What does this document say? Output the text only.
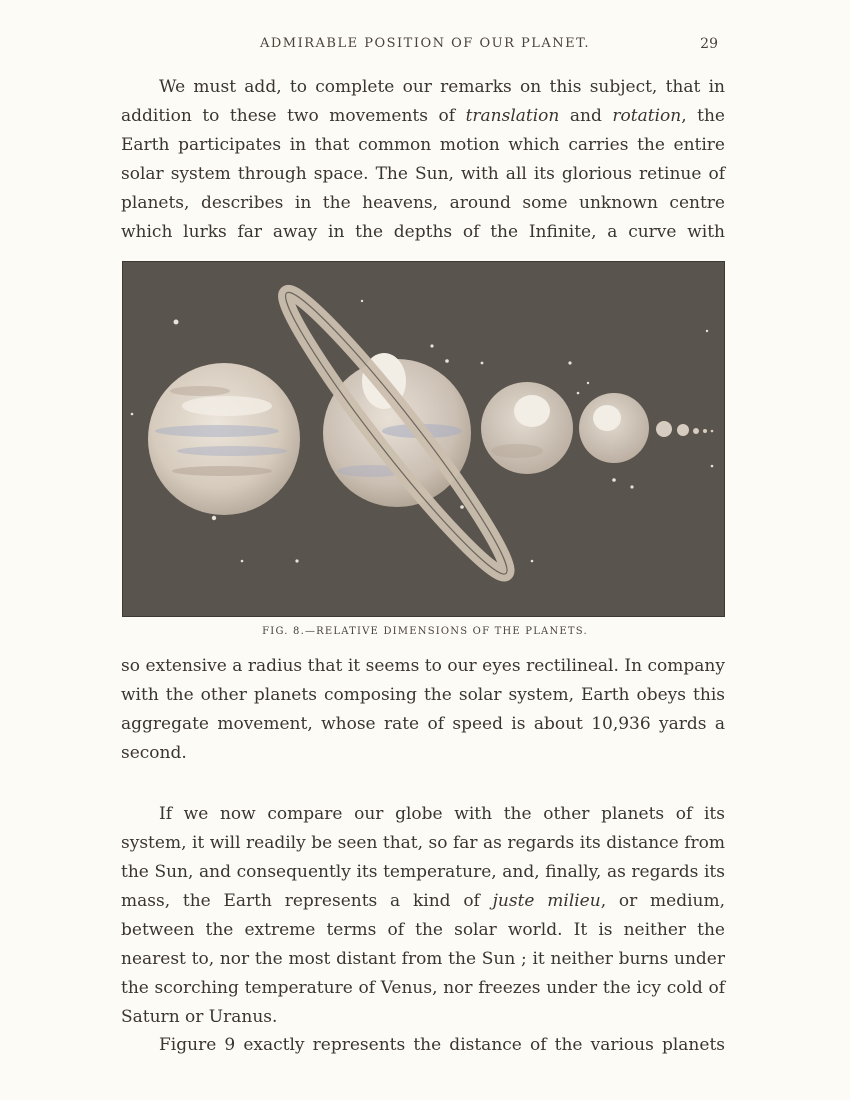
ADMIRABLE POSITION OF OUR PLANET.	29

We must add, to complete our remarks on this subject, that in addition to these two movements of translation and rotation, the Earth participates in that common motion which carries the entire solar system through space. The Sun, with all its glorious retinue of planets, describes in the heavens, around some unknown centre which lurks far away in the depths of the Infinite, a curve with

FIG. 8.—RELATIVE DIMENSIONS OF THE PLANETS.

so extensive a radius that it seems to our eyes rectilineal. In company with the other planets composing the solar system, Earth obeys this aggregate movement, whose rate of speed is about 10,936 yards a second.

If we now compare our globe with the other planets of its system, it will readily be seen that, so far as regards its distance from the Sun, and consequently its temperature, and, finally, as regards its mass, the Earth represents a kind of juste milieu, or medium, between the extreme terms of the solar world. It is neither the nearest to, nor the most distant from the Sun ; it neither burns under the scorching temperature of Venus, nor freezes under the icy cold of Saturn or Uranus.

Figure 9 exactly represents the distance of the various planets
